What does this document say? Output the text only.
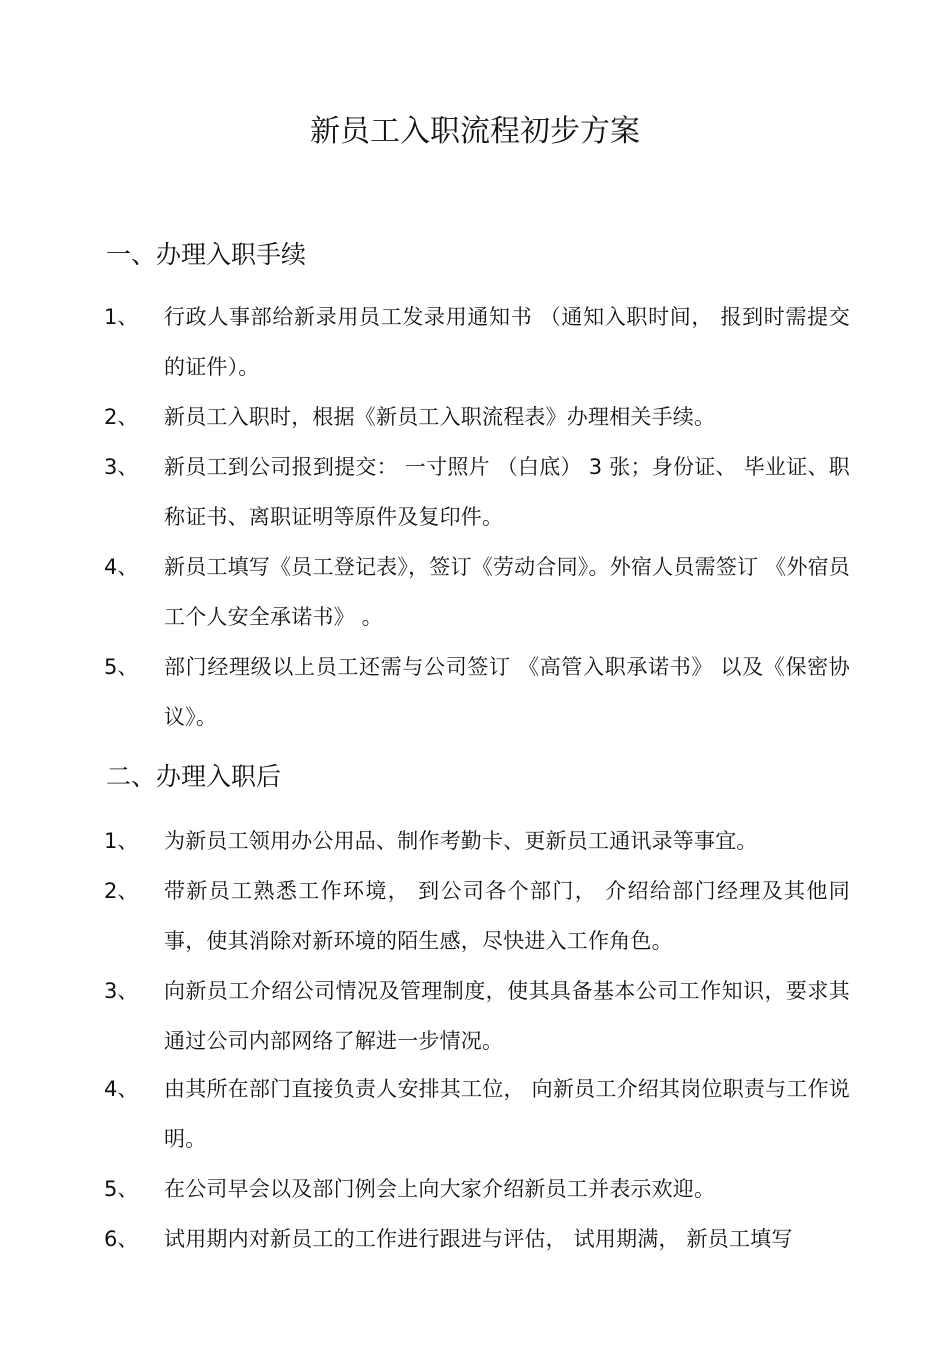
新员工入职流程初步方案
一、办理入职手续
1、 行政人事部给新录用员工发录用通知书 （通知入职时间， 报到时需提交的证件）。

2、 新员工入职时，根据《新员工入职流程表》办理相关手续。

3、 新员工到公司报到提交： 一寸照片 （白底） 3 张；身份证、 毕业证、职称证书、离职证明等原件及复印件。

4、 新员工填写《员工登记表》，签订《劳动合同》。外宿人员需签订 《外宿员工个人安全承诺书》 。

5、 部门经理级以上员工还需与公司签订 《高管入职承诺书》 以及《保密协议》。

二、办理入职后
1、 为新员工领用办公用品、制作考勤卡、更新员工通讯录等事宜。

2、 带新员工熟悉工作环境， 到公司各个部门， 介绍给部门经理及其他同事，使其消除对新环境的陌生感，尽快进入工作角色。

3、 向新员工介绍公司情况及管理制度，使其具备基本公司工作知识，要求其通过公司内部网络了解进一步情况。

4、 由其所在部门直接负责人安排其工位， 向新员工介绍其岗位职责与工作说明。

5、 在公司早会以及部门例会上向大家介绍新员工并表示欢迎。

6、 试用期内对新员工的工作进行跟进与评估， 试用期满， 新员工填写
